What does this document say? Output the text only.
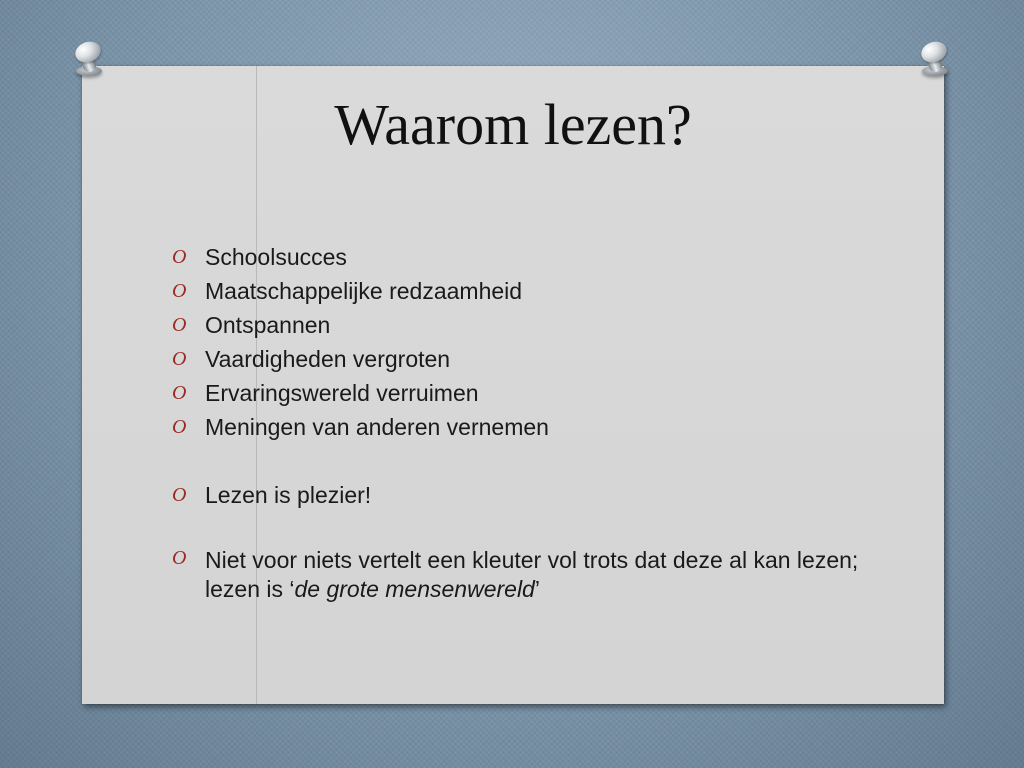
Waarom lezen?
O Schoolsucces
O Maatschappelijke redzaamheid
O Ontspannen
O Vaardigheden vergroten
O Ervaringswereld verruimen
O Meningen van anderen vernemen
O Lezen is plezier!
O Niet voor niets vertelt een kleuter vol trots dat deze al kan lezen; lezen is ‘de grote mensenwereld’
